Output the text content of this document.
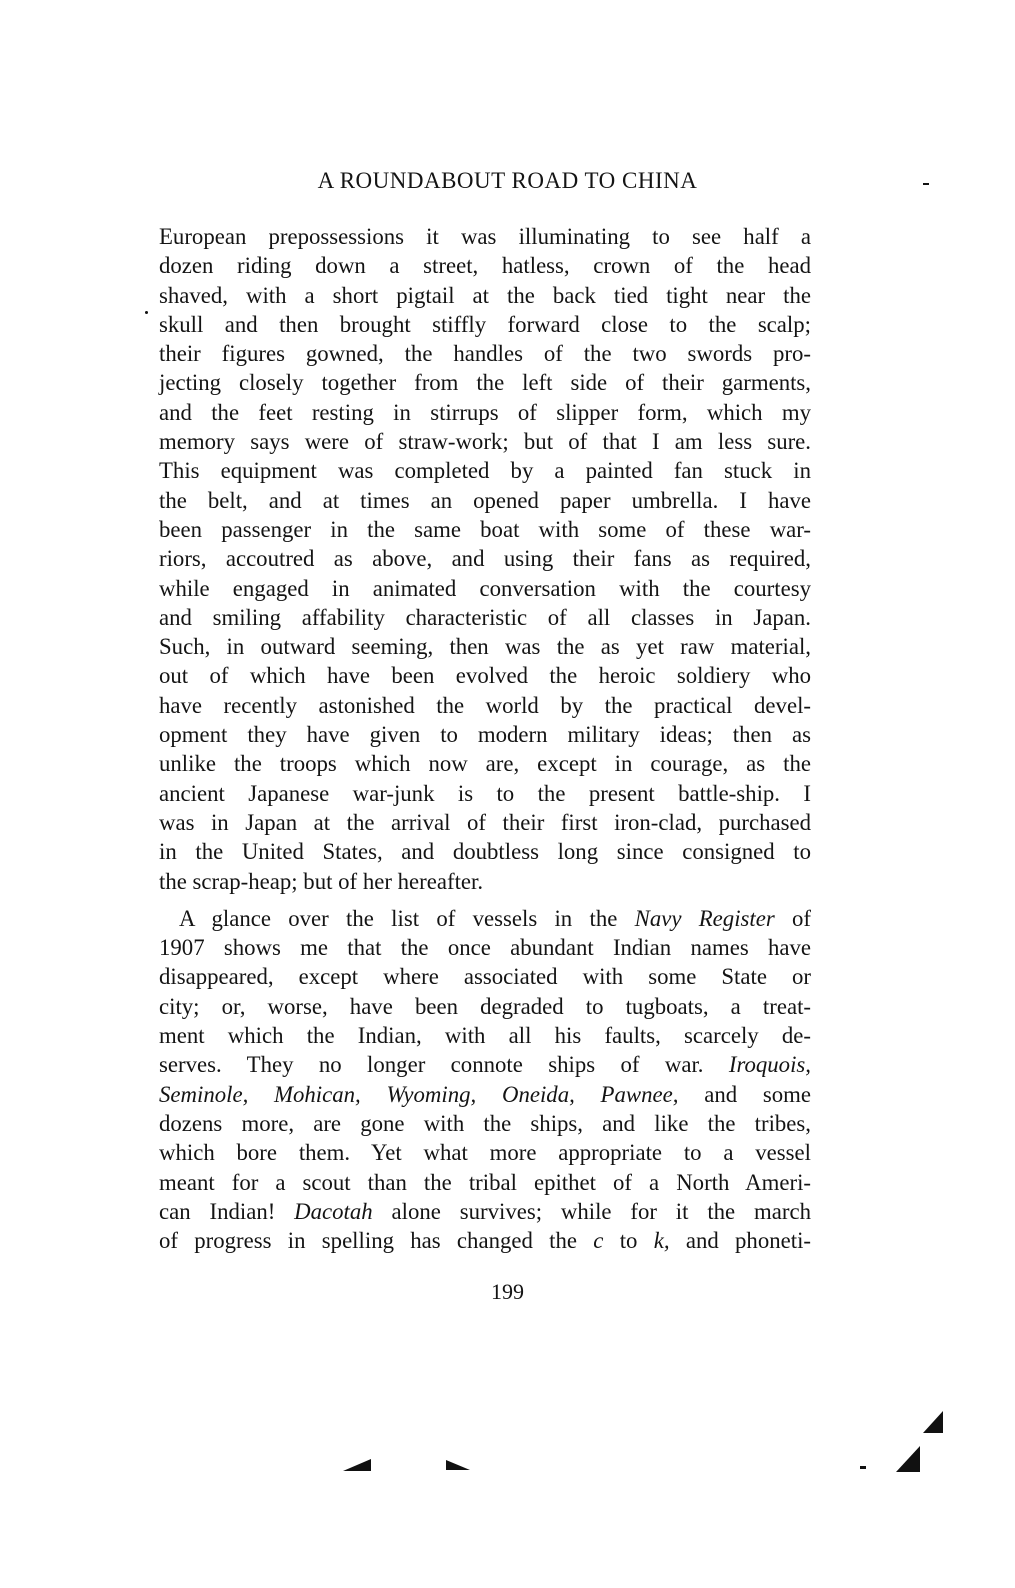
A ROUNDABOUT ROAD TO CHINA
European prepossessions it was illuminating to see half a
dozen riding down a street, hatless, crown of the head
shaved, with a short pigtail at the back tied tight near the
skull and then brought stiffly forward close to the scalp;
their figures gowned, the handles of the two swords pro-
jecting closely together from the left side of their garments,
and the feet resting in stirrups of slipper form, which my
memory says were of straw-work; but of that I am less sure.
This equipment was completed by a painted fan stuck in
the belt, and at times an opened paper umbrella. I have
been passenger in the same boat with some of these war-
riors, accoutred as above, and using their fans as required,
while engaged in animated conversation with the courtesy
and smiling affability characteristic of all classes in Japan.
Such, in outward seeming, then was the as yet raw material,
out of which have been evolved the heroic soldiery who
have recently astonished the world by the practical devel-
opment they have given to modern military ideas; then as
unlike the troops which now are, except in courage, as the
ancient Japanese war-junk is to the present battle-ship. I
was in Japan at the arrival of their first iron-clad, purchased
in the United States, and doubtless long since consigned to
the scrap-heap; but of her hereafter.
A glance over the list of vessels in the Navy Register of
1907 shows me that the once abundant Indian names have
disappeared, except where associated with some State or
city; or, worse, have been degraded to tugboats, a treat-
ment which the Indian, with all his faults, scarcely de-
serves. They no longer connote ships of war. Iroquois,
Seminole, Mohican, Wyoming, Oneida, Pawnee, and some
dozens more, are gone with the ships, and like the tribes,
which bore them. Yet what more appropriate to a vessel
meant for a scout than the tribal epithet of a North Ameri-
can Indian! Dacotah alone survives; while for it the march
of progress in spelling has changed the c to k, and phoneti-
199
